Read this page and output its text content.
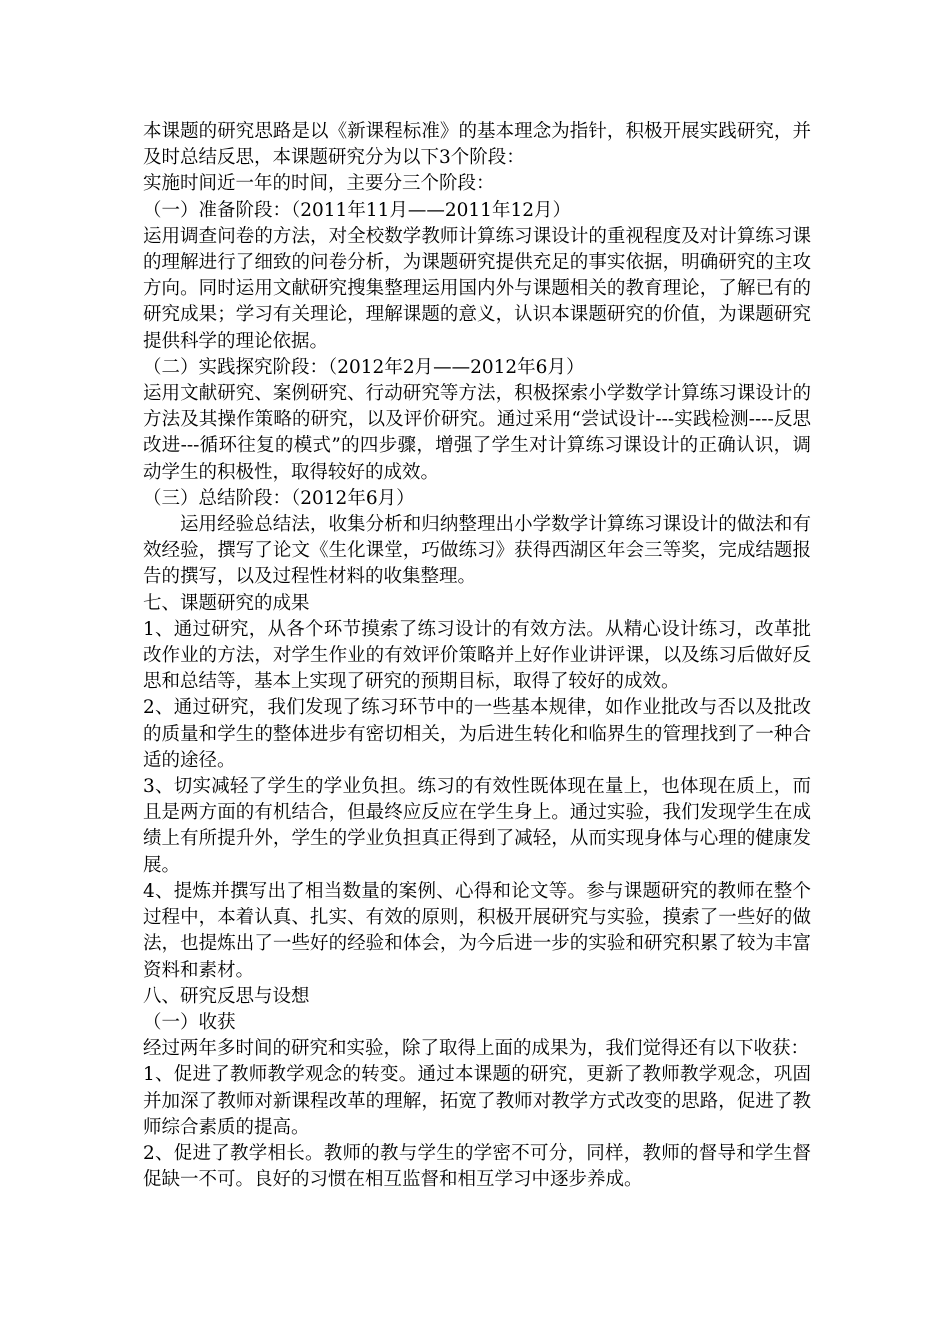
本课题的研究思路是以《新课程标准》的基本理念为指针，积极开展实践研究，并及时总结反思，本课题研究分为以下3个阶段：

实施时间近一年的时间，主要分三个阶段：

（一）准备阶段：（2011年11月——2011年12月）

运用调查问卷的方法，对全校数学教师计算练习课设计的重视程度及对计算练习课的理解进行了细致的问卷分析，为课题研究提供充足的事实依据，明确研究的主攻方向。同时运用文献研究搜集整理运用国内外与课题相关的教育理论，了解已有的研究成果；学习有关理论，理解课题的意义，认识本课题研究的价值，为课题研究提供科学的理论依据。

（二）实践探究阶段：（2012年2月——2012年6月）

运用文献研究、案例研究、行动研究等方法，积极探索小学数学计算练习课设计的方法及其操作策略的研究，以及评价研究。通过采用“尝试设计---实践检测----反思改进---循环往复的模式”的四步骤，增强了学生对计算练习课设计的正确认识，调动学生的积极性，取得较好的成效。

（三）总结阶段：（2012年6月）

运用经验总结法，收集分析和归纳整理出小学数学计算练习课设计的做法和有效经验，撰写了论文《生化课堂，巧做练习》获得西湖区年会三等奖，完成结题报告的撰写，以及过程性材料的收集整理。

七、课题研究的成果

1、通过研究，从各个环节摸索了练习设计的有效方法。从精心设计练习，改革批改作业的方法，对学生作业的有效评价策略并上好作业讲评课，以及练习后做好反思和总结等，基本上实现了研究的预期目标，取得了较好的成效。

2、通过研究，我们发现了练习环节中的一些基本规律，如作业批改与否以及批改的质量和学生的整体进步有密切相关，为后进生转化和临界生的管理找到了一种合适的途径。

3、切实减轻了学生的学业负担。练习的有效性既体现在量上，也体现在质上，而且是两方面的有机结合，但最终应反应在学生身上。通过实验，我们发现学生在成绩上有所提升外，学生的学业负担真正得到了减轻，从而实现身体与心理的健康发展。

4、提炼并撰写出了相当数量的案例、心得和论文等。参与课题研究的教师在整个过程中，本着认真、扎实、有效的原则，积极开展研究与实验，摸索了一些好的做法，也提炼出了一些好的经验和体会，为今后进一步的实验和研究积累了较为丰富资料和素材。

八、研究反思与设想

（一）收获

经过两年多时间的研究和实验，除了取得上面的成果为，我们觉得还有以下收获：

1、促进了教师教学观念的转变。通过本课题的研究，更新了教师教学观念，巩固并加深了教师对新课程改革的理解，拓宽了教师对教学方式改变的思路，促进了教师综合素质的提高。

2、促进了教学相长。教师的教与学生的学密不可分，同样，教师的督导和学生督促缺一不可。良好的习惯在相互监督和相互学习中逐步养成。
